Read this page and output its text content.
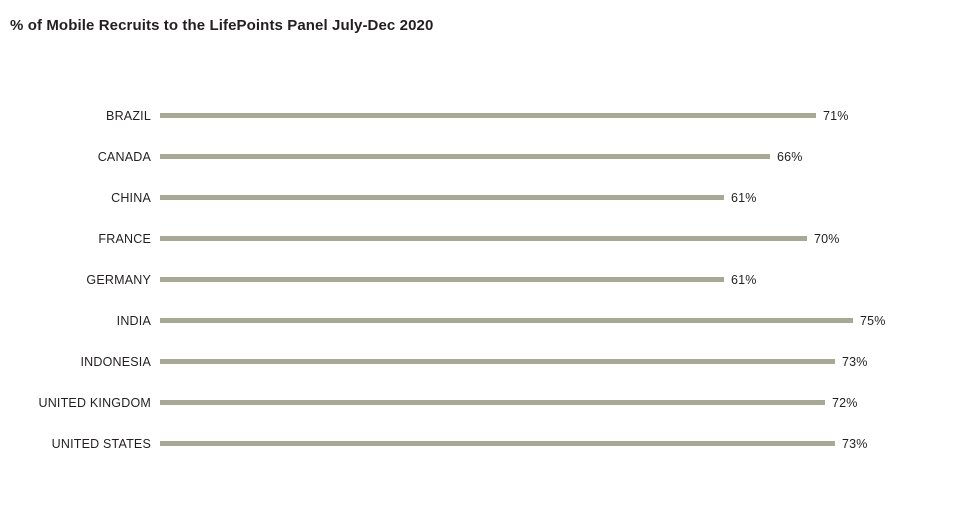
% of Mobile Recruits to the LifePoints Panel July-Dec 2020
BRAZIL	71%
CANADA	66%
CHINA	61%
FRANCE	70%
GERMANY	61%
INDIA	75%
INDONESIA	73%
UNITED KINGDOM	72%
UNITED STATES	73%
